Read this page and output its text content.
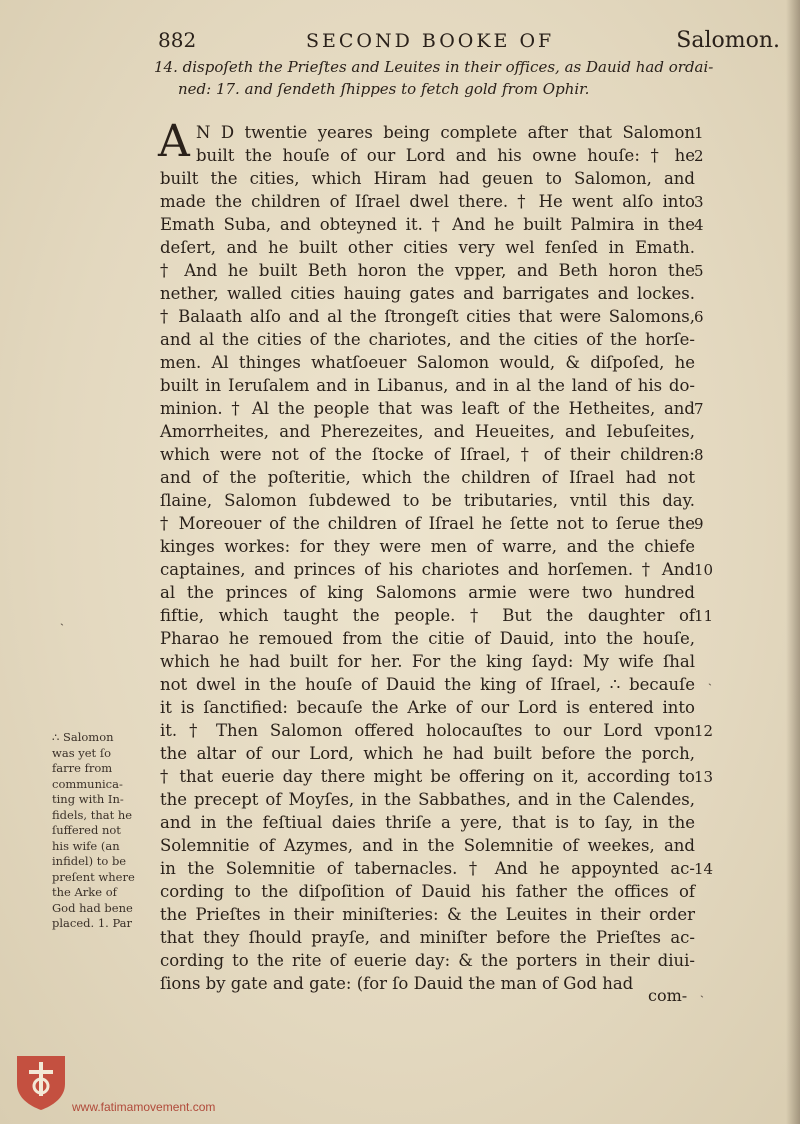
882	SECOND BOOKE OF	Salomon.
14. dispoſeth the Prieſtes and Leuites in their offices, as Dauid had ordai-
ned: 17. and ſendeth ſhippes to fetch gold from Ophir.
A N D twentie yeares being complete after that Salomon
built the houſe of our Lord and his owne houſe: † he
built the cities, which Hiram had geuen to Salomon, and
made the children of Iſrael dwel there. † He went alſo into
Emath Suba, and obteyned it. † And he built Palmira in the
deſert, and he built other cities very wel fenſed in Emath.
† And he built Beth horon the vpper, and Beth horon the
nether, walled cities hauing gates and barrigates and lockes.
† Balaath alſo and al the ſtrongeſt cities that were Salomons,
and al the cities of the chariotes, and the cities of the horſe-
men. Al thinges whatſoeuer Salomon would, & diſpoſed, he
built in Ieruſalem and in Libanus, and in al the land of his do-
minion. † Al the people that was leaft of the Hetheites, and
Amorrheites, and Pherezeites, and Heueites, and Iebuſeites,
which were not of the ſtocke of Iſrael, † of their children:
and of the poſteritie, which the children of Iſrael had not
ſlaine, Salomon ſubdewed to be tributaries, vntil this day.
† Moreouer of the children of Iſrael he ſette not to ſerue the
kinges workes: for they were men of warre, and the chiefe
captaines, and princes of his chariotes and horſemen. † And
al the princes of king Salomons armie were two hundred
fiftie, which taught the people. † But the daughter of
Pharao he remoued from the citie of Dauid, into the houſe,
which he had built for her. For the king ſayd: My wife ſhal
not dwel in the houſe of Dauid the king of Iſrael, ∴ becauſe
it is ſanctified: becauſe the Arke of our Lord is entered into
it. † Then Salomon offered holocauſtes to our Lord vpon
the altar of our Lord, which he had built before the porch,
† that euerie day there might be offering on it, according to
the precept of Moyſes, in the Sabbathes, and in the Calendes,
and in the feſtiual daies thriſe a yere, that is to ſay, in the
Solemnitie of Azymes, and in the Solemnitie of weekes, and
in the Solemnitie of tabernacles. † And he appoynted ac-
cording to the diſpoſition of Dauid his father the offices of
the Prieſtes in their miniſteries: & the Leuites in their order
that they ſhould prayſe, and miniſter before the Prieſtes ac-
cording to the rite of euerie day: & the porters in their diui-
ſions by gate and gate: (for ſo Dauid the man of God had
1
2
3
4
5
6
7
8
9
10
11
12
13
14
com-
∴ Salomon
was yet ſo
farre from
communica-
ting with In-
fidels, that he
ſuffered not
his wife (an
infidel) to be
preſent where
the Arke of
God had bene
placed. 1. Par
ˎ
ˏ
ˎ
www.fatimamovement.com
